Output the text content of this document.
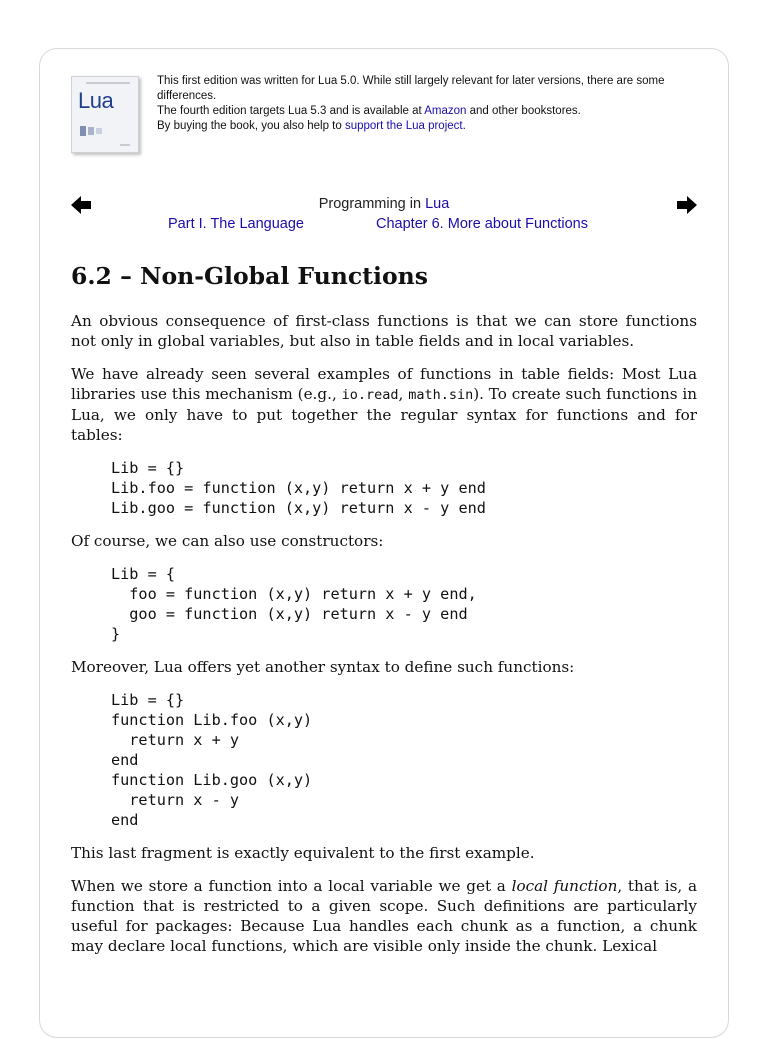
Lua

This first edition was written for Lua 5.0. While still largely relevant for later versions, there are some differences.

The fourth edition targets Lua 5.3 and is available at Amazon and other bookstores.

By buying the book, you also help to support the Lua project.

Programming in Lua
Part I. The Language	Chapter 6. More about Functions
6.2 – Non-Global Functions

An obvious consequence of first-class functions is that we can store functions not only in global variables, but also in table fields and in local variables.

We have already seen several examples of functions in table fields: Most Lua libraries use this mechanism (e.g., io.read, math.sin). To create such functions in Lua, we only have to put together the regular syntax for functions and for tables:

Lib = {}
Lib.foo = function (x,y) return x + y end
Lib.goo = function (x,y) return x - y end

Of course, we can also use constructors:

Lib = {
foo = function (x,y) return x + y end,
goo = function (x,y) return x - y end
}

Moreover, Lua offers yet another syntax to define such functions:

Lib = {}
function Lib.foo (x,y)
return x + y
end
function Lib.goo (x,y)
return x - y
end

This last fragment is exactly equivalent to the first example.

When we store a function into a local variable we get a local function, that is, a function that is restricted to a given scope. Such definitions are particularly useful for packages: Because Lua handles each chunk as a function, a chunk may declare local functions, which are visible only inside the chunk. Lexical
